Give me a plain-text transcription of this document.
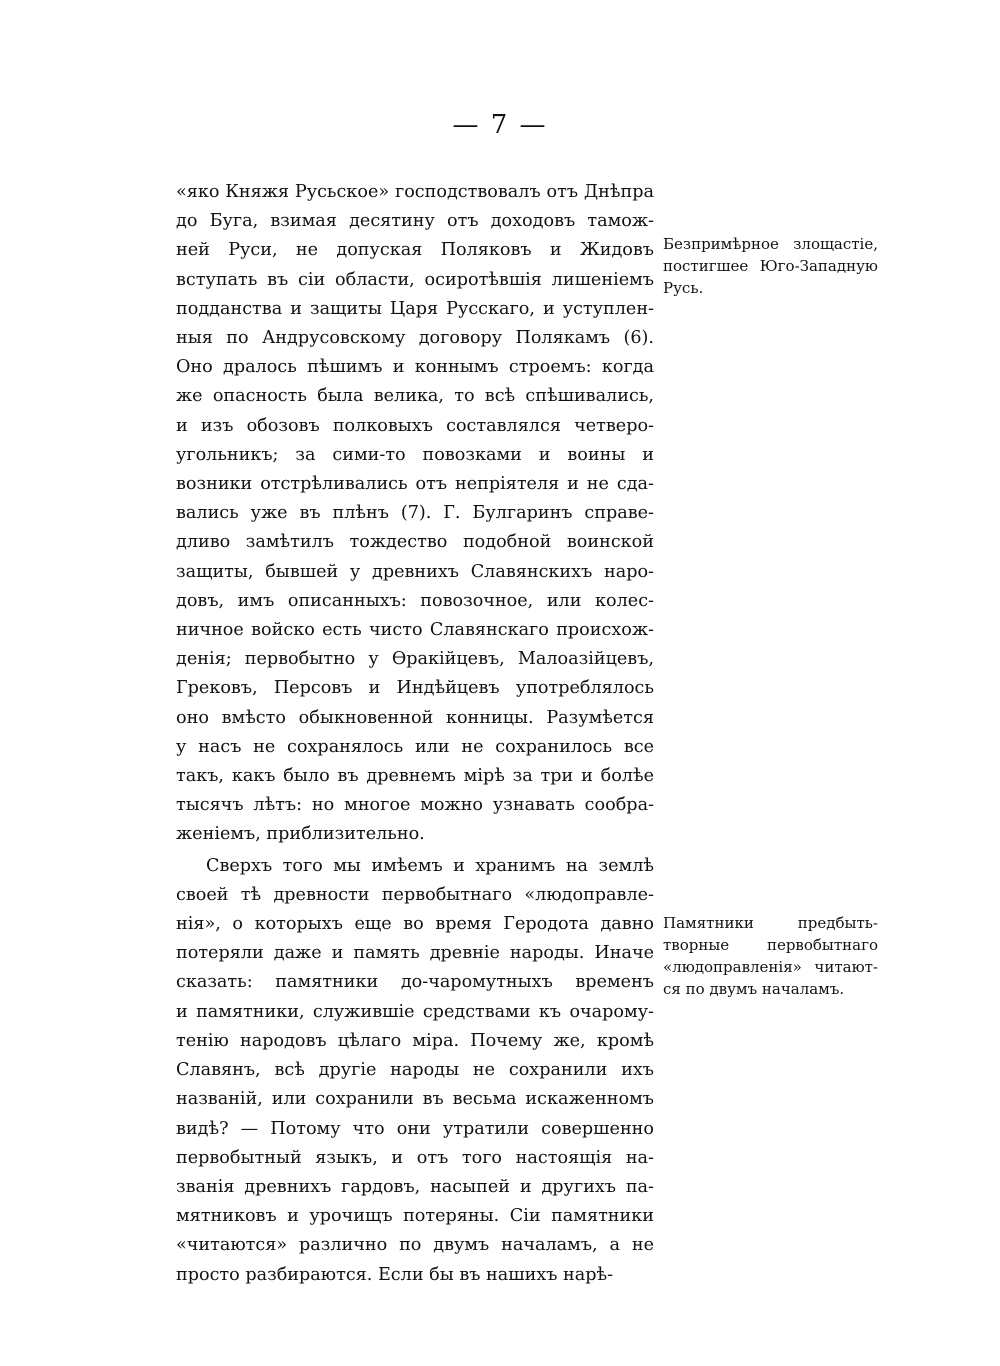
— 7 —

«яко Княжя Русьское» господствовалъ отъ Днѣпра
до Буга, взимая десятину отъ доходовъ тамож-
ней Руси, не допуская Поляковъ и Жидовъ
вступать въ сіи области, осиротѣвшія лишеніемъ
подданства и защиты Царя Русскаго, и уступлен-
ныя по Андрусовскому договору Полякамъ (6).
Оно дралось пѣшимъ и коннымъ строемъ: когда
же опасность была велика, то всѣ спѣшивались,
и изъ обозовъ полковыхъ составлялся четверо-
угольникъ; за сими-то повозками и воины и
возники отстрѣливались отъ непріятеля и не сда-
вались уже въ плѣнъ (7). Г. Булгаринъ справе-
дливо замѣтилъ тождество подобной воинской
защиты, бывшей у древнихъ Славянскихъ наро-
довъ, имъ описанныхъ: повозочное, или колес-
ничное войско есть чисто Славянскаго происхож-
денія; первобытно у Ѳракійцевъ, Малоазійцевъ,
Грековъ, Персовъ и Индѣйцевъ употреблялось
оно вмѣсто обыкновенной конницы. Разумѣется
у насъ не сохранялось или не сохранилось все
такъ, какъ было въ древнемъ мірѣ за три и болѣе
тысячъ лѣтъ: но многое можно узнавать сообра-
женіемъ, приблизительно.

Сверхъ того мы имѣемъ и хранимъ на землѣ
своей тѣ древности первобытнаго «людоправле-
нія», о которыхъ еще во время Геродота давно
потеряли даже и память древніе народы. Иначе
сказать: памятники до-чаромутныхъ временъ
и памятники, служившіе средствами къ очарому-
тенію народовъ цѣлаго міра. Почему же, кромѣ
Славянъ, всѣ другіе народы не сохранили ихъ
названій, или сохранили въ весьма искаженномъ
видѣ? — Потому что они утратили совершенно
первобытный языкъ, и отъ того настоящія на-
званія древнихъ гардовъ, насыпей и другихъ па-
мятниковъ и урочищъ потеряны. Сіи памятники
«читаются» различно по двумъ началамъ, а не
просто разбираются. Если бы въ нашихъ нарѣ-

Безпримѣрное злощастіе,
постигшее Юго-Западную
Русь.
Памятники предбыть-
творные первобытнаго
«людоправленія» читают-
ся по двумъ началамъ.
